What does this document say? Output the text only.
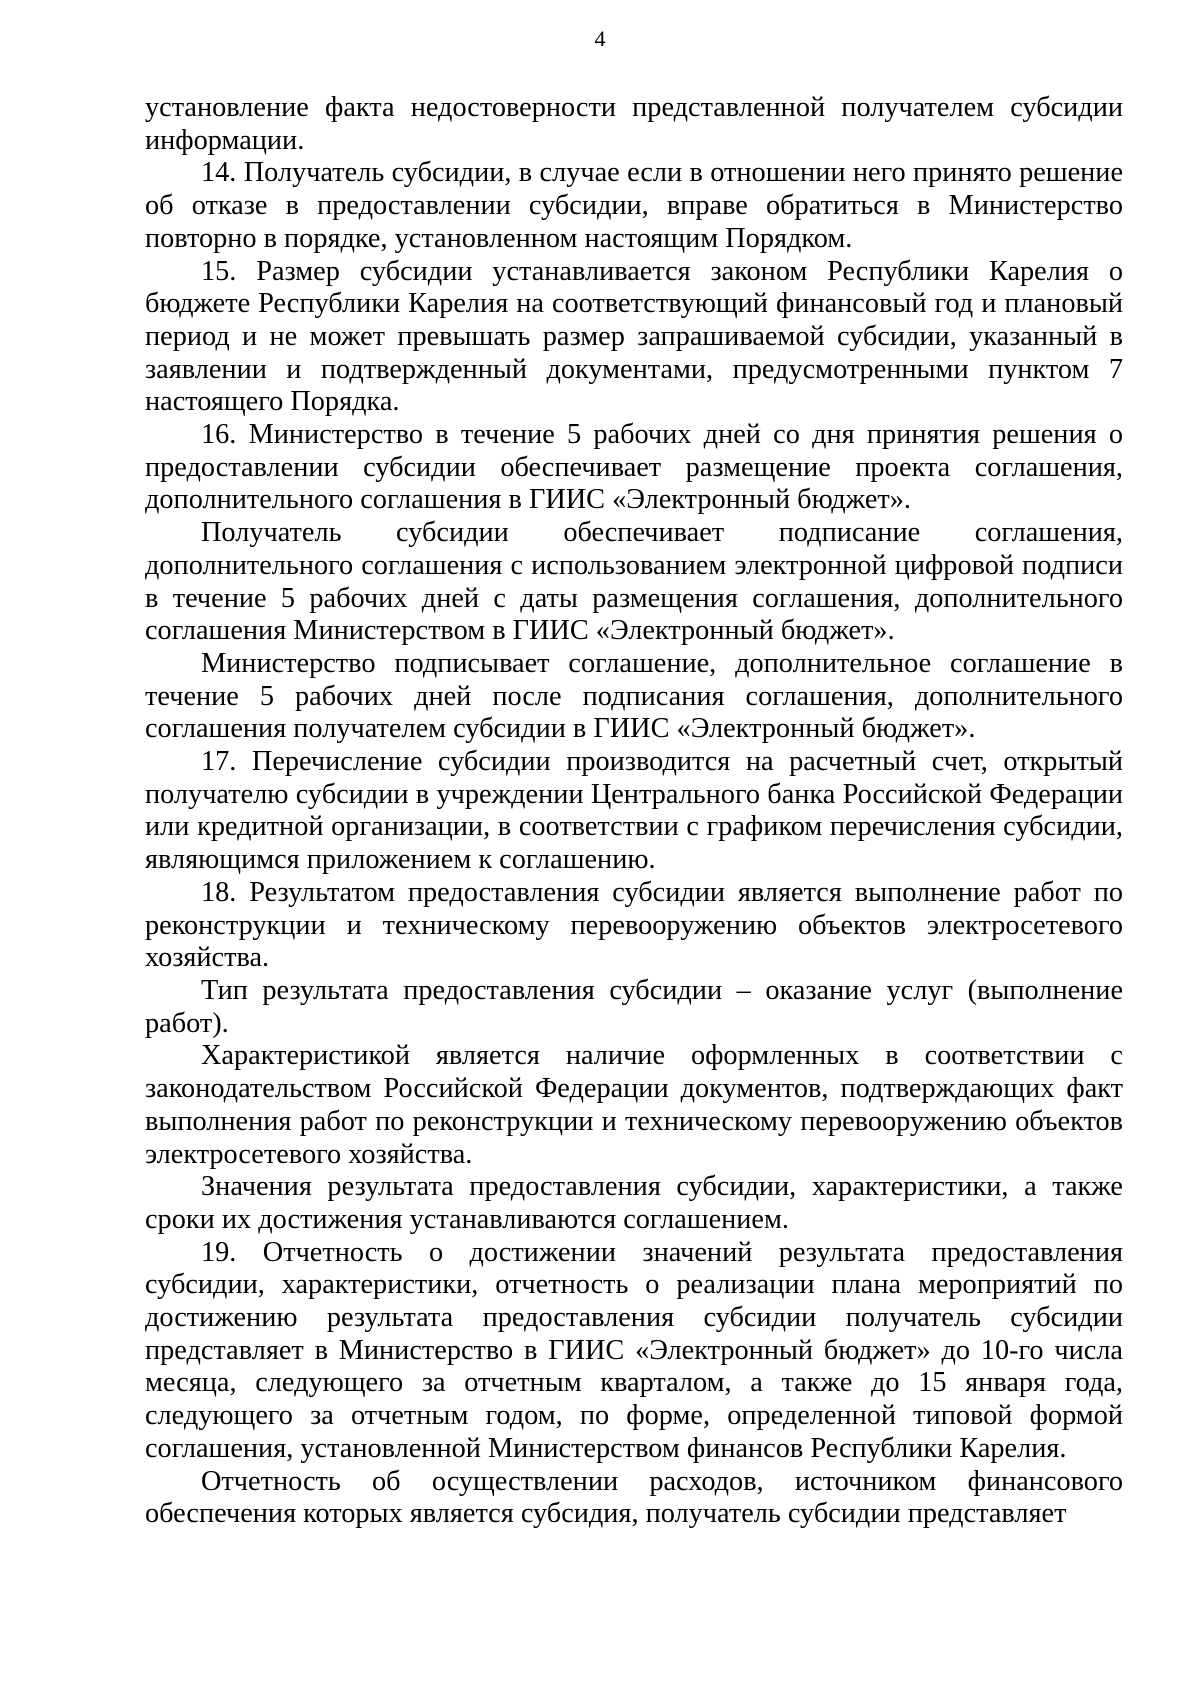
4

установление факта недостоверности представленной получателем субсидии информации.

14. Получатель субсидии, в случае если в отношении него принято решение об отказе в предоставлении субсидии, вправе обратиться в Министерство повторно в порядке, установленном настоящим Порядком.

15. Размер субсидии устанавливается законом Республики Карелия о бюджете Республики Карелия на соответствующий финансовый год и плановый период и не может превышать размер запрашиваемой субсидии, указанный в заявлении и подтвержденный документами, предусмотренными пунктом 7 настоящего Порядка.

16. Министерство в течение 5 рабочих дней со дня принятия решения о предоставлении субсидии обеспечивает размещение проекта соглашения, дополнительного соглашения в ГИИС «Электронный бюджет».

Получатель субсидии обеспечивает подписание соглашения, дополнительного соглашения с использованием электронной цифровой подписи в течение 5 рабочих дней с даты размещения соглашения, дополнительного соглашения Министерством в ГИИС «Электронный бюджет».

Министерство подписывает соглашение, дополнительное соглашение в течение 5 рабочих дней после подписания соглашения, дополнительного соглашения получателем субсидии в ГИИС «Электронный бюджет».

17. Перечисление субсидии производится на расчетный счет, открытый получателю субсидии в учреждении Центрального банка Российской Федерации или кредитной организации, в соответствии с графиком перечисления субсидии, являющимся приложением к соглашению.

18. Результатом предоставления субсидии является выполнение работ по реконструкции и техническому перевооружению объектов электросетевого хозяйства.

Тип результата предоставления субсидии – оказание услуг (выполнение работ).

Характеристикой является наличие оформленных в соответствии с законодательством Российской Федерации документов, подтверждающих факт выполнения работ по реконструкции и техническому перевооружению объектов электросетевого хозяйства.

Значения результата предоставления субсидии, характеристики, а также сроки их достижения устанавливаются соглашением.

19. Отчетность о достижении значений результата предоставления субсидии, характеристики, отчетность о реализации плана мероприятий по достижению результата предоставления субсидии получатель субсидии представляет в Министерство в ГИИС «Электронный бюджет» до 10-го числа месяца, следующего за отчетным кварталом, а также до 15 января года, следующего за отчетным годом, по форме, определенной типовой формой соглашения, установленной Министерством финансов Республики Карелия.

Отчетность об осуществлении расходов, источником финансового обеспечения которых является субсидия, получатель субсидии представляет
